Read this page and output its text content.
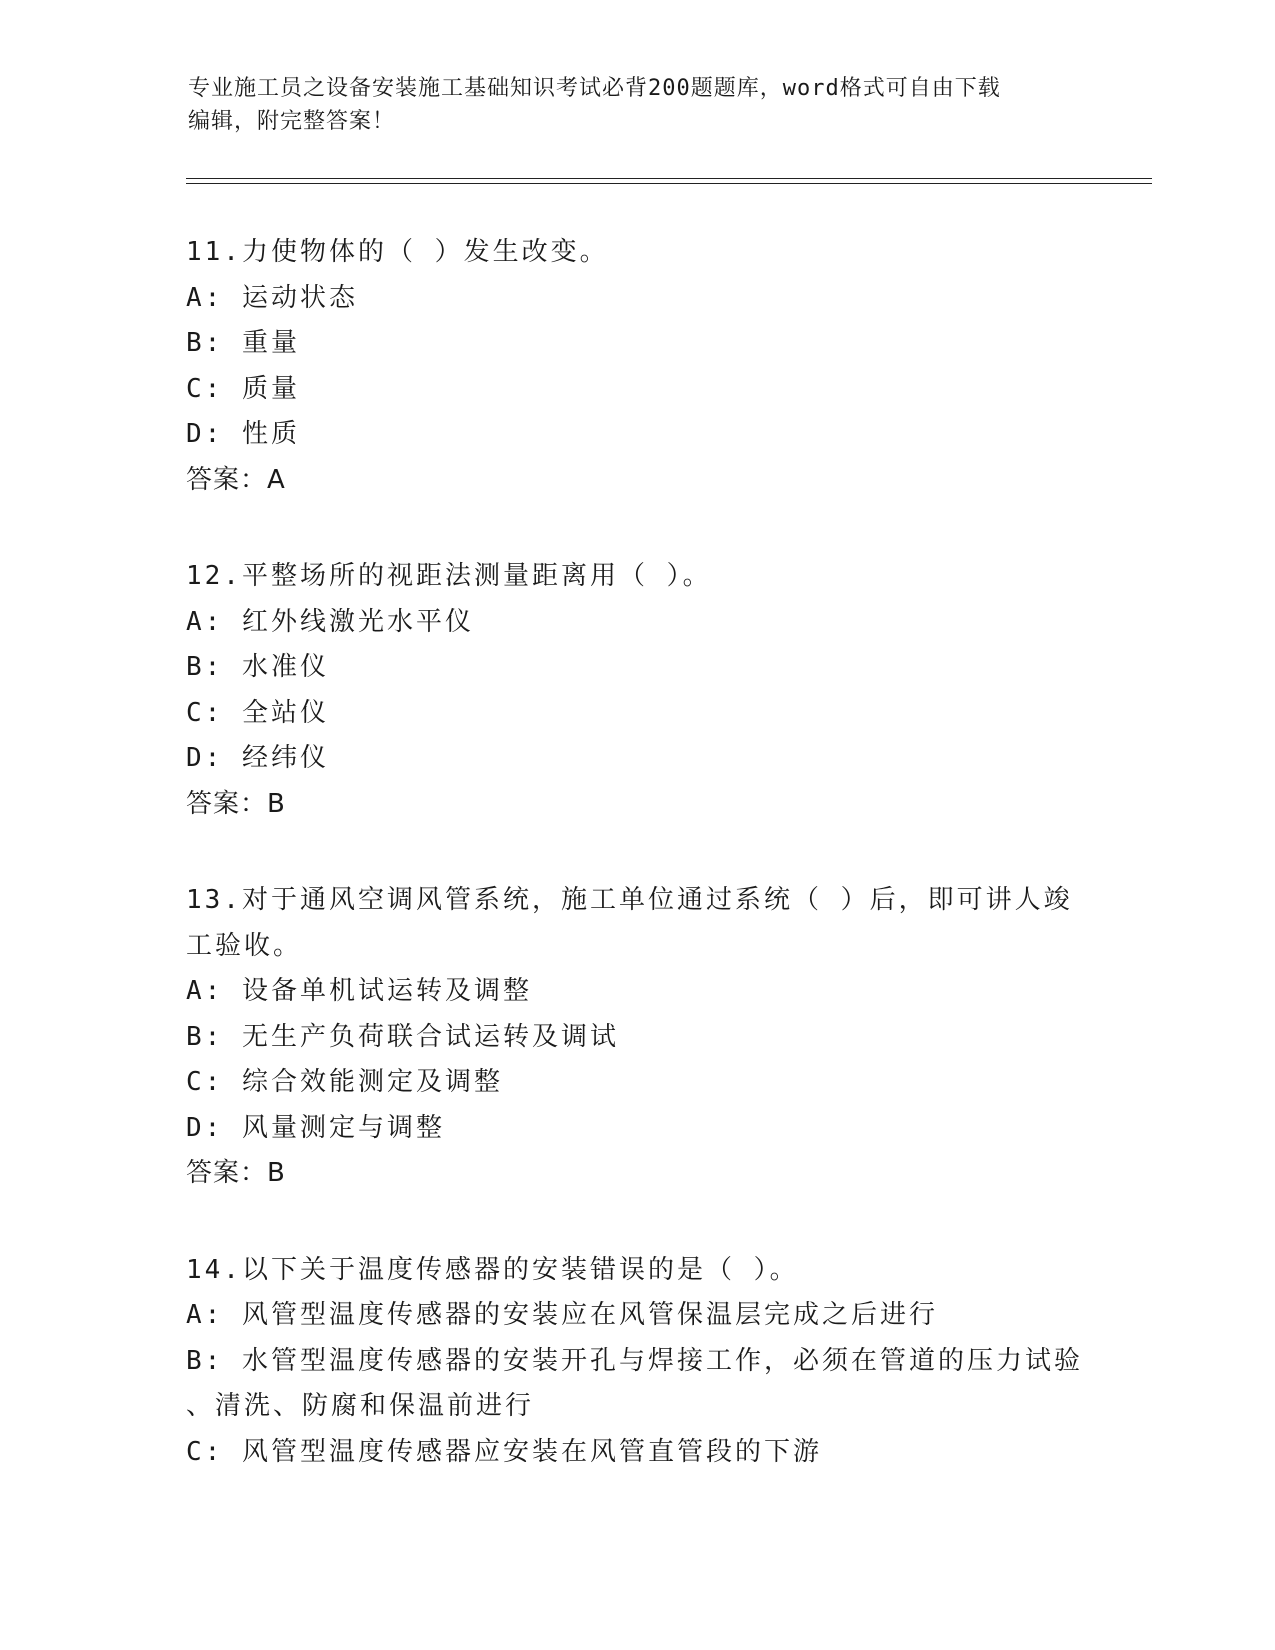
专业施工员之设备安装施工基础知识考试必背200题题库，word格式可自由下载
编辑，附完整答案！
11.力使物体的（ ）发生改变。
A: 运动状态
B: 重量
C: 质量
D: 性质
答案：A
12.平整场所的视距法测量距离用（ ）。
A: 红外线激光水平仪
B: 水准仪
C: 全站仪
D: 经纬仪
答案：B
13.对于通风空调风管系统，施工单位通过系统（ ）后，即可讲人竣
工验收。
A: 设备单机试运转及调整
B: 无生产负荷联合试运转及调试
C: 综合效能测定及调整
D: 风量测定与调整
答案：B
14.以下关于温度传感器的安装错误的是（ ）。
A: 风管型温度传感器的安装应在风管保温层完成之后进行
B: 水管型温度传感器的安装开孔与焊接工作，必须在管道的压力试验
、清洗、防腐和保温前进行
C: 风管型温度传感器应安装在风管直管段的下游
